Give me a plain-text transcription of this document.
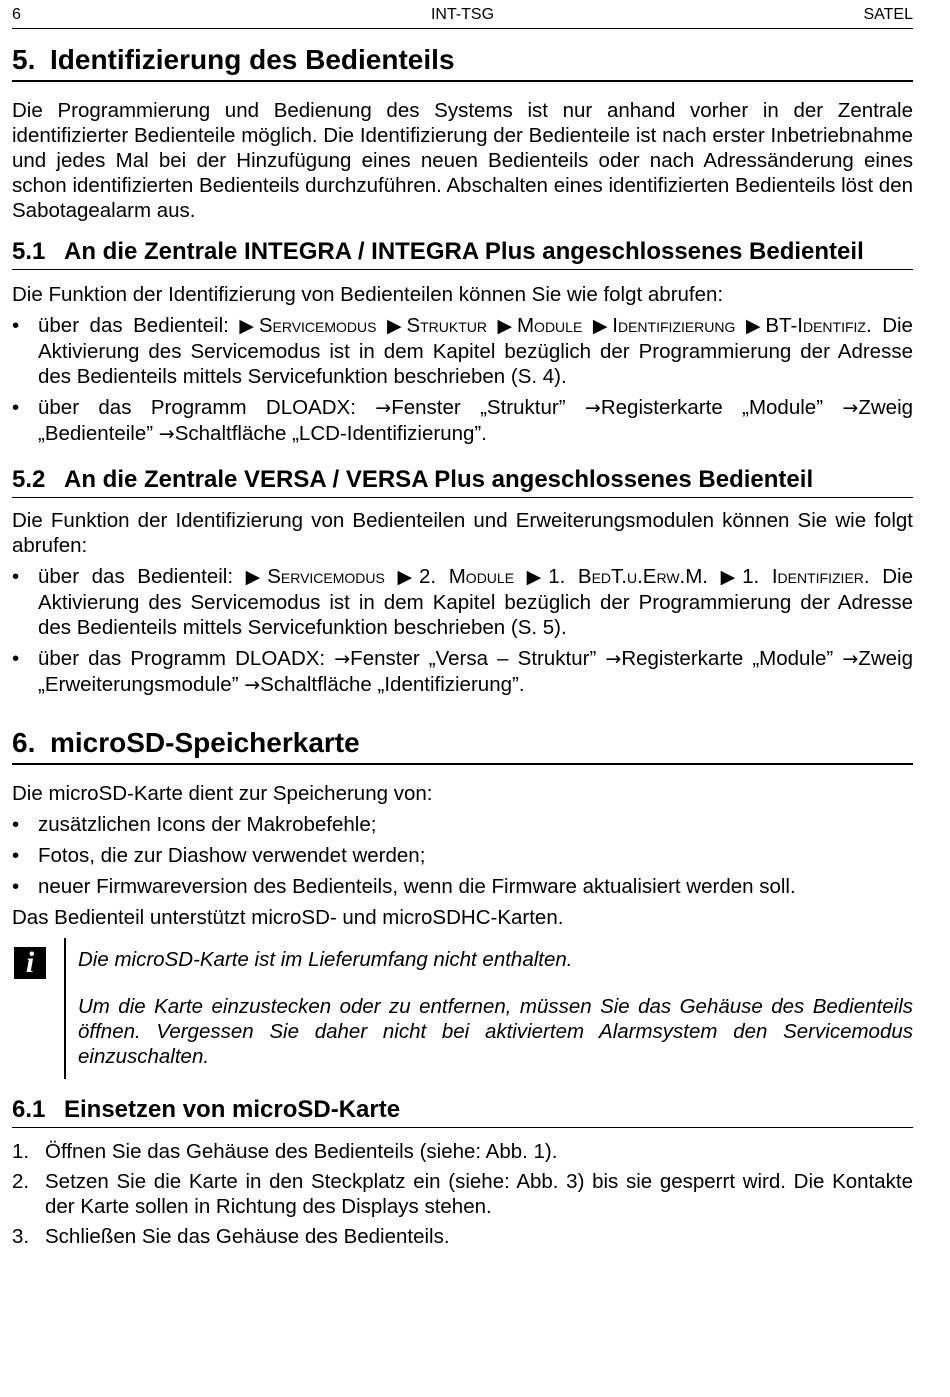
6	INT-TSG	SATEL
5. Identifizierung des Bedienteils

Die Programmierung und Bedienung des Systems ist nur anhand vorher in der Zentrale identifizierter Bedienteile möglich. Die Identifizierung der Bedienteile ist nach erster Inbetriebnahme und jedes Mal bei der Hinzufügung eines neuen Bedienteils oder nach Adressänderung eines schon identifizierten Bedienteils durchzuführen. Abschalten eines identifizierten Bedienteils löst den Sabotagealarm aus.

5.1 An die Zentrale INTEGRA / INTEGRA Plus angeschlossenes Bedienteil

Die Funktion der Identifizierung von Bedienteilen können Sie wie folgt abrufen:

• über das Bedienteil: ▶Servicemodus ▶Struktur ▶Module ▶Identifizierung ▶BT-Identifiz. Die Aktivierung des Servicemodus ist in dem Kapitel bezüglich der Programmierung der Adresse des Bedienteils mittels Servicefunktion beschrieben (S. 4).
• über das Programm DLOADX: →Fenster „Struktur” →Registerkarte „Module” →Zweig „Bedienteile” →Schaltfläche „LCD-Identifizierung”.
5.2 An die Zentrale VERSA / VERSA Plus angeschlossenes Bedienteil

Die Funktion der Identifizierung von Bedienteilen und Erweiterungsmodulen können Sie wie folgt abrufen:

• über das Bedienteil: ▶Servicemodus ▶2. Module ▶1. BedT.u.Erw.M. ▶1. Identifizier. Die Aktivierung des Servicemodus ist in dem Kapitel bezüglich der Programmierung der Adresse des Bedienteils mittels Servicefunktion beschrieben (S. 5).
• über das Programm DLOADX: →Fenster „Versa – Struktur” →Registerkarte „Module” →Zweig „Erweiterungsmodule” →Schaltfläche „Identifizierung”.
6. microSD-Speicherkarte

Die microSD-Karte dient zur Speicherung von:

• zusätzlichen Icons der Makrobefehle;
• Fotos, die zur Diashow verwendet werden;
• neuer Firmwareversion des Bedienteils, wenn die Firmware aktualisiert werden soll.

Das Bedienteil unterstützt microSD- und microSDHC-Karten.

i	Die microSD-Karte ist im Lieferumfang nicht enthalten.

Um die Karte einzustecken oder zu entfernen, müssen Sie das Gehäuse des Bedienteils öffnen. Vergessen Sie daher nicht bei aktiviertem Alarmsystem den Servicemodus einzuschalten.

6.1 Einsetzen von microSD-Karte
1. Öffnen Sie das Gehäuse des Bedienteils (siehe: Abb. 1).
2. Setzen Sie die Karte in den Steckplatz ein (siehe: Abb. 3) bis sie gesperrt wird. Die Kontakte der Karte sollen in Richtung des Displays stehen.
3. Schließen Sie das Gehäuse des Bedienteils.
